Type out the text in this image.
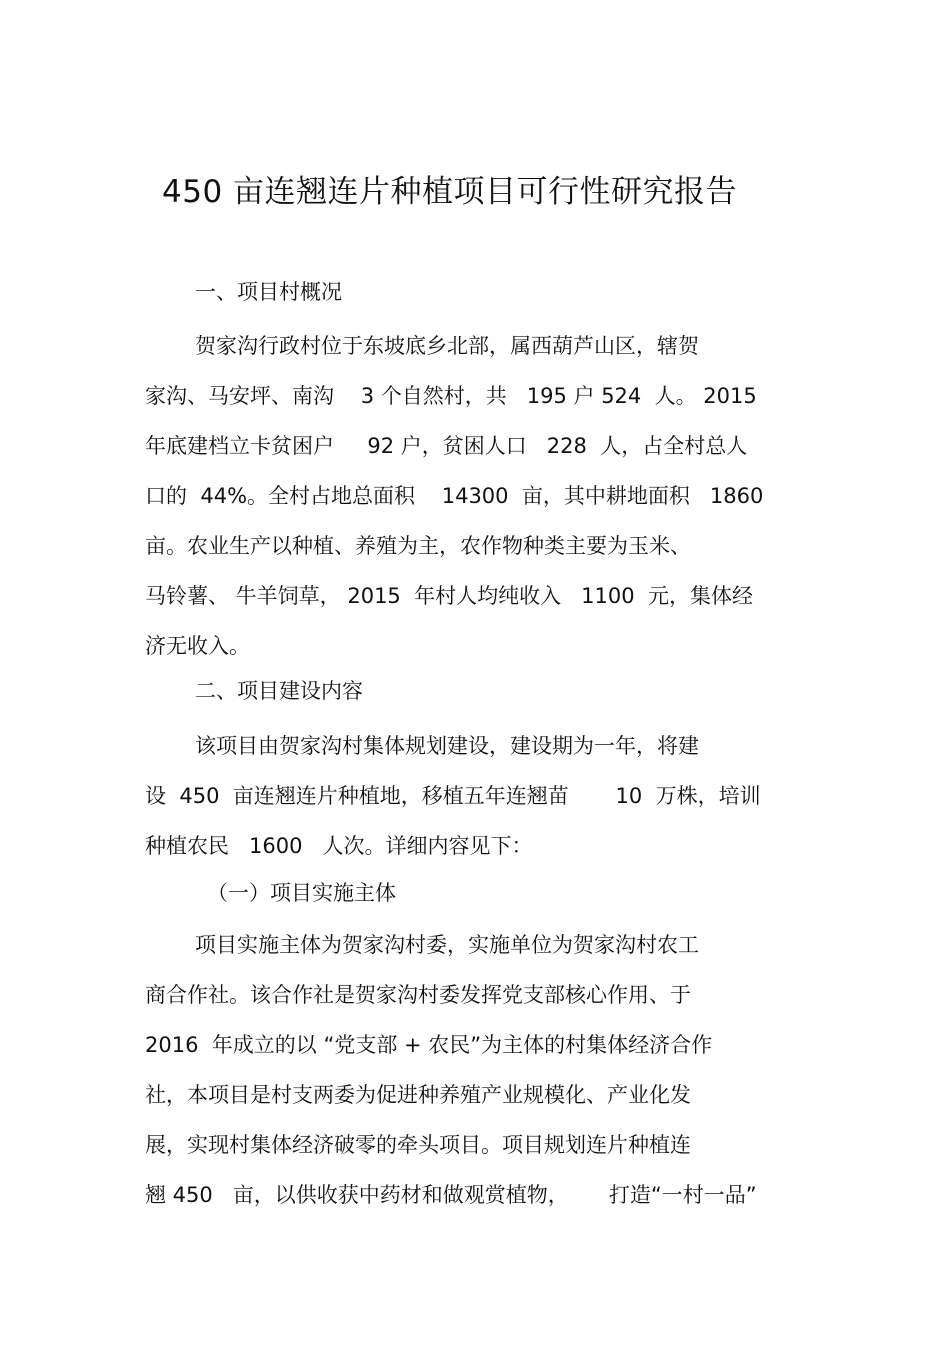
450 亩连翘连片种植项目可行性研究报告
一、项目村概况
贺家沟行政村位于东坡底乡北部，属西葫芦山区，辖贺
家沟、马安坪、南沟    3 个自然村，共   195 户 524  人。 2015
年底建档立卡贫困户     92 户，贫困人口   228  人，占全村总人
口的  44%。全村占地总面积    14300  亩，其中耕地面积   1860
亩。农业生产以种植、养殖为主，农作物种类主要为玉米、
马铃薯、 牛羊饲草， 2015  年村人均纯收入   1100  元，集体经
济无收入。
二、项目建设内容
该项目由贺家沟村集体规划建设，建设期为一年，将建
设  450  亩连翘连片种植地，移植五年连翘苗       10  万株，培训
种植农民   1600   人次。详细内容见下：
（一）项目实施主体
项目实施主体为贺家沟村委，实施单位为贺家沟村农工
商合作社。该合作社是贺家沟村委发挥党支部核心作用、于
2016  年成立的以 “党支部 + 农民”为主体的村集体经济合作
社，本项目是村支两委为促进种养殖产业规模化、产业化发
展，实现村集体经济破零的牵头项目。项目规划连片种植连
翘 450   亩，以供收获中药材和做观赏植物，      打造“一村一品”
